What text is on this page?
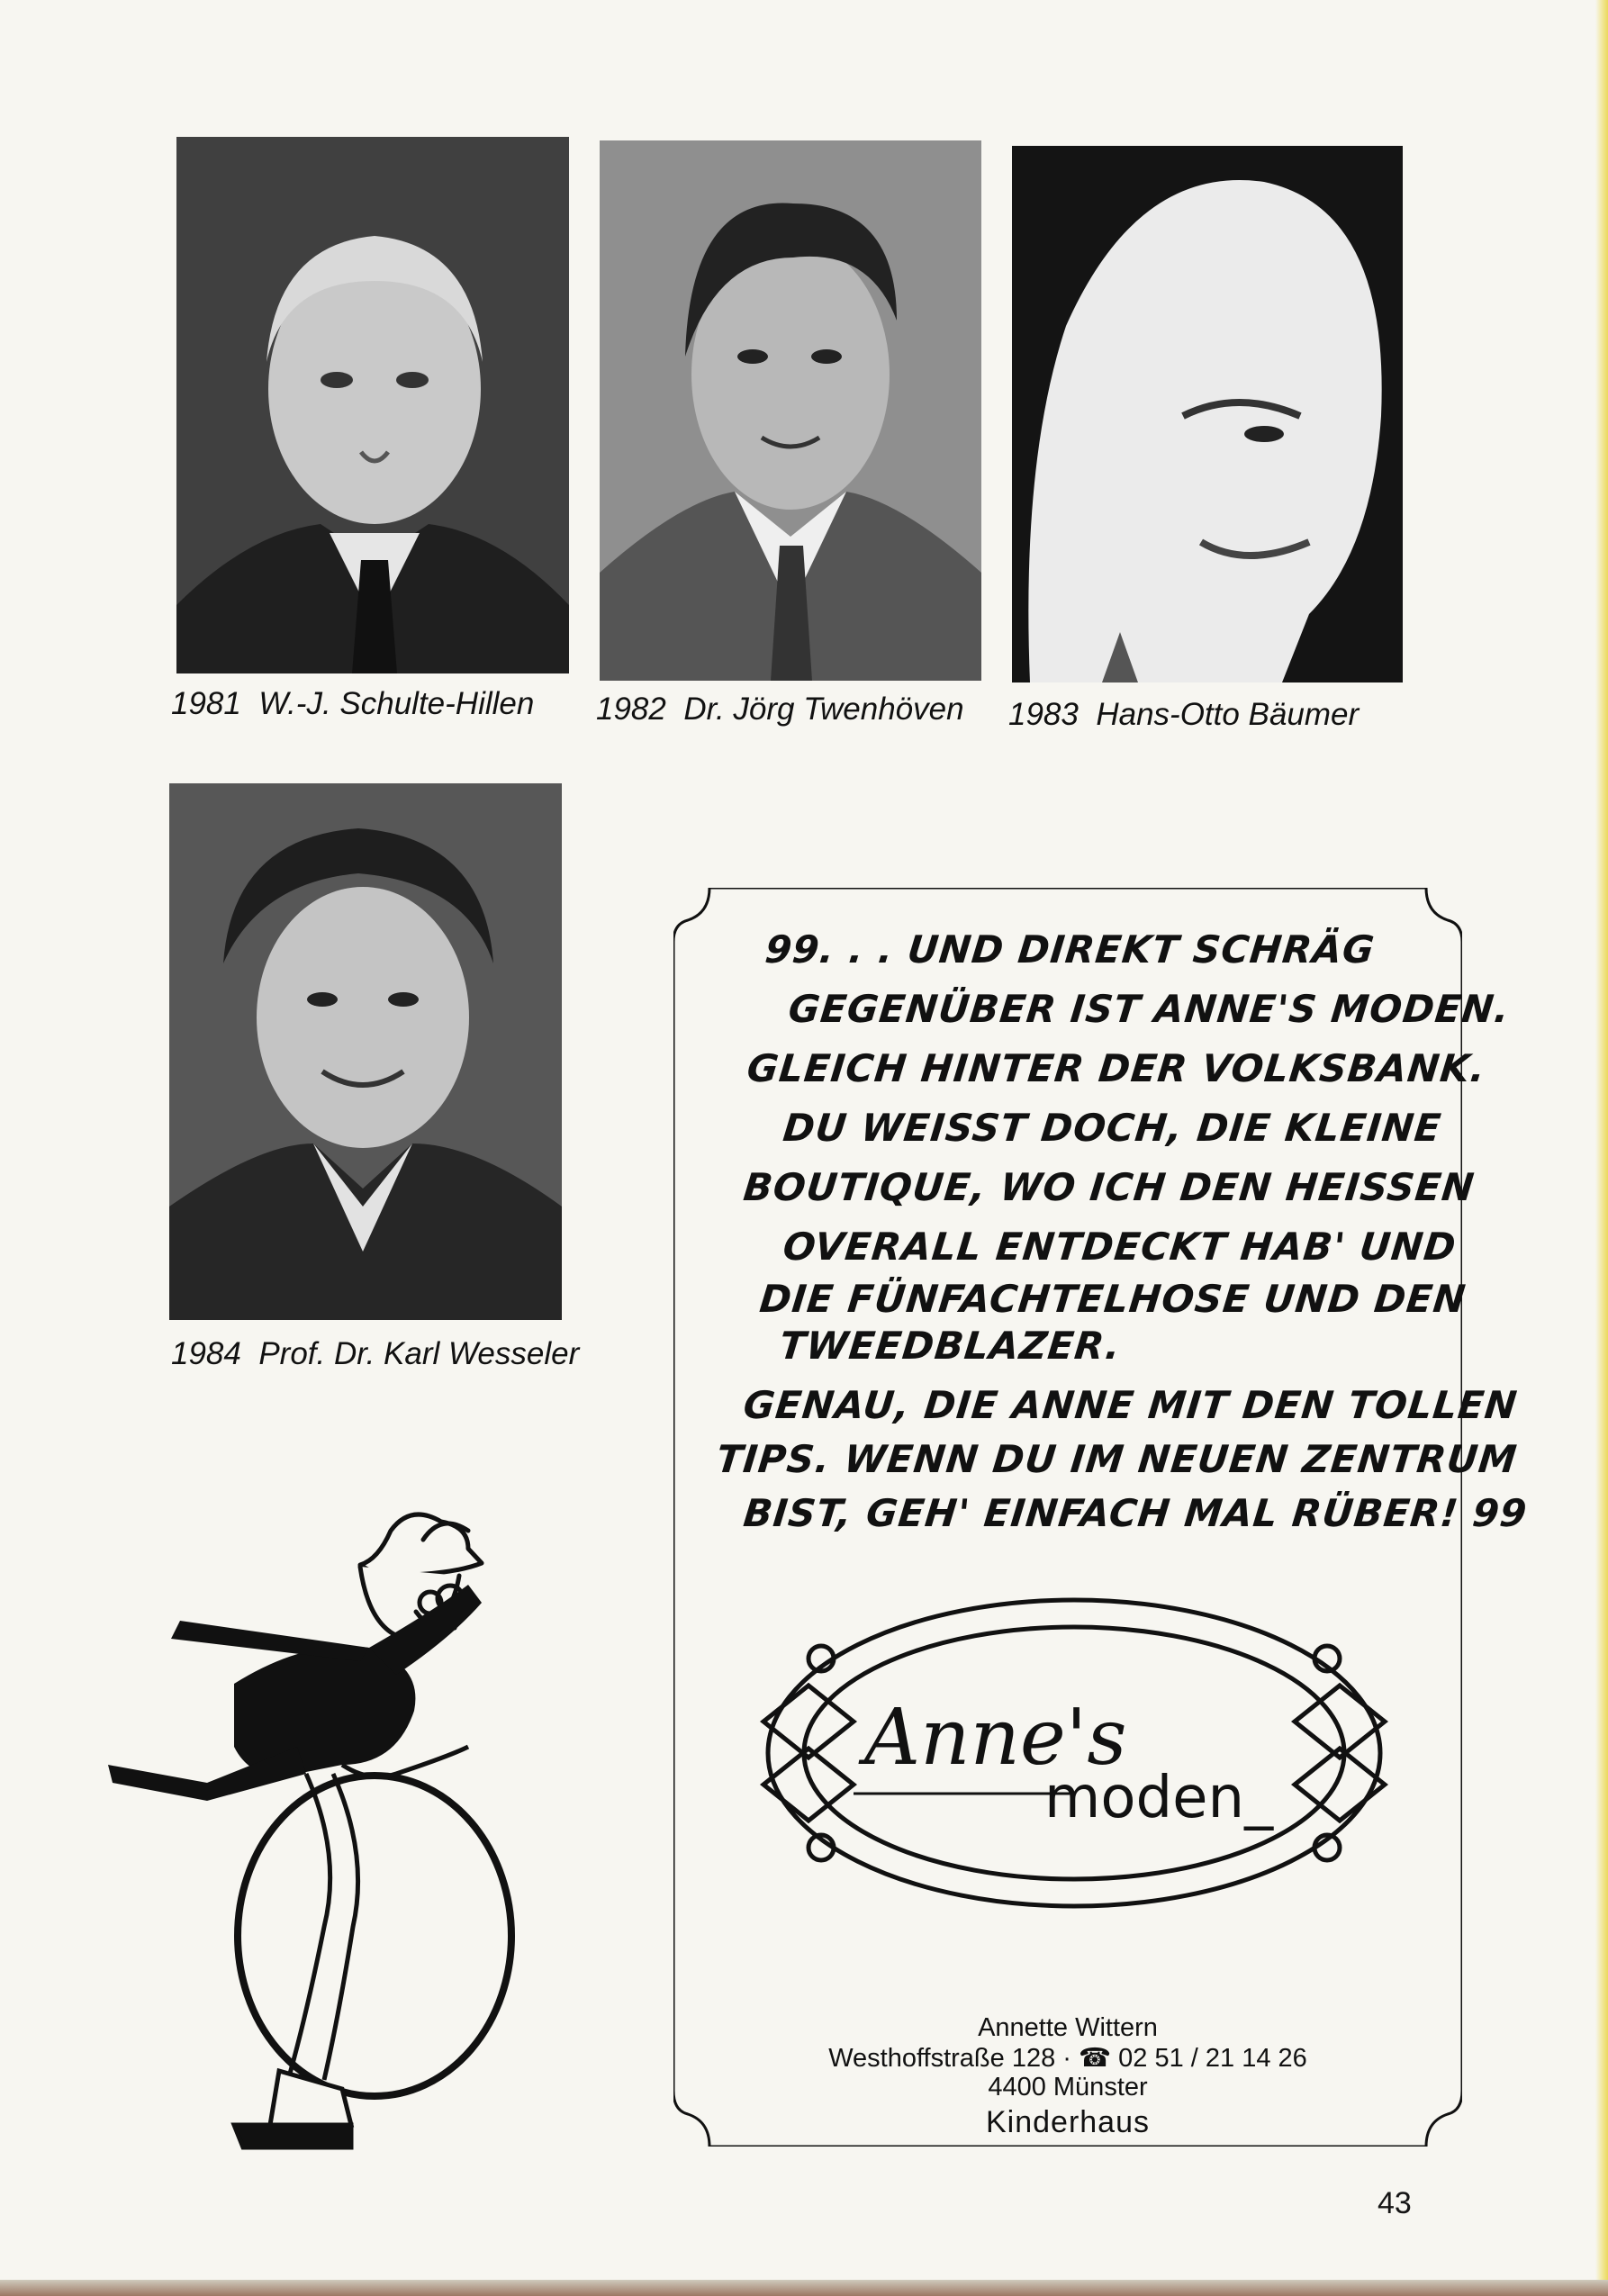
1981 W.-J. Schulte-Hillen 1982 Dr. Jörg Twenhöven 1983 Hans-Otto Bäumer
1984 Prof. Dr. Karl Wesseler
99. . . UND DIREKT SCHRÄG
GEGENÜBER IST ANNE'S MODEN.
GLEICH HINTER DER VOLKSBANK.
DU WEISST DOCH, DIE KLEINE
BOUTIQUE, WO ICH DEN HEISSEN
OVERALL ENTDECKT HAB' UND
DIE FÜNFACHTELHOSE UND DEN
TWEEDBLAZER.
GENAU, DIE ANNE MIT DEN TOLLEN
TIPS. WENN DU IM NEUEN ZENTRUM
BIST, GEH' EINFACH MAL RÜBER! 99
Anne's
moden_
Annette Wittern
Westhoffstraße 128 · ☎ 02 51 / 21 14 26
4400 Münster
Kinderhaus
43
